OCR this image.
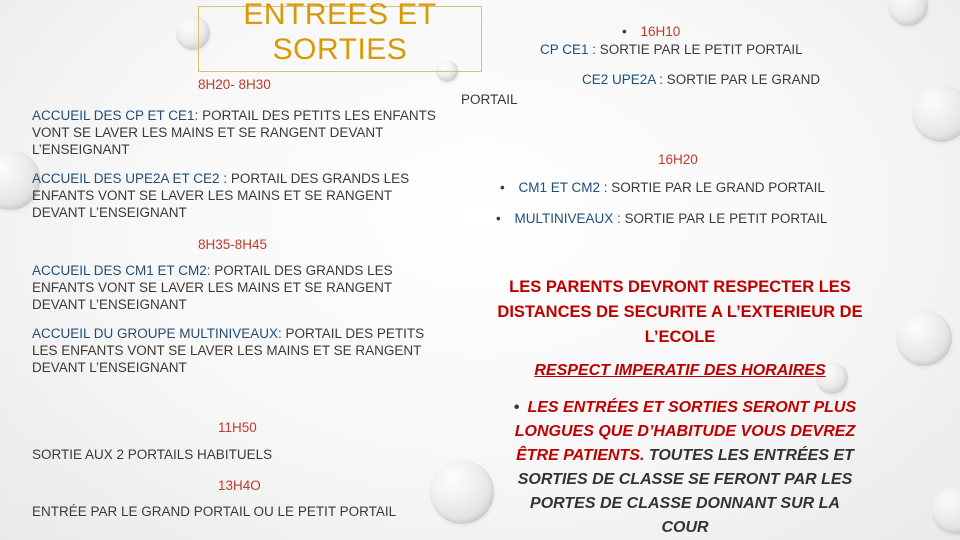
ENTREES ET SORTIES
8H20- 8H30
ACCUEIL DES CP ET CE1: PORTAIL DES PETITS LES ENFANTS VONT SE LAVER LES MAINS ET SE RANGENT DEVANT L’ENSEIGNANT
ACCUEIL DES UPE2A ET CE2 : PORTAIL DES GRANDS LES ENFANTS VONT SE LAVER LES MAINS ET SE RANGENT DEVANT L’ENSEIGNANT
8H35-8H45
ACCUEIL DES CM1 ET CM2: PORTAIL DES GRANDS LES ENFANTS VONT SE LAVER LES MAINS ET SE RANGENT DEVANT L’ENSEIGNANT
ACCUEIL DU GROUPE MULTINIVEAUX: PORTAIL DES PETITS LES ENFANTS VONT SE LAVER LES MAINS ET SE RANGENT DEVANT L’ENSEIGNANT
11H50
SORTIE AUX 2 PORTAILS HABITUELS
13H4O
ENTRÉE PAR LE GRAND PORTAIL OU LE PETIT PORTAIL
• 16H10
CP CE1 : SORTIE PAR LE PETIT PORTAIL
CE2 UPE2A : SORTIE PAR LE GRAND
PORTAIL
16H20
• CM1 ET CM2 : SORTIE PAR LE GRAND PORTAIL
• MULTINIVEAUX : SORTIE PAR LE PETIT PORTAIL
LES PARENTS DEVRONT RESPECTER LES
DISTANCES DE SECURITE A L’EXTERIEUR DE
L’ECOLE
RESPECT IMPERATIF DES HORAIRES
• LES ENTRÉES ET SORTIES SERONT PLUS
LONGUES QUE D’HABITUDE VOUS DEVREZ
ÊTRE PATIENTS. TOUTES LES ENTRÉES ET
SORTIES DE CLASSE SE FERONT PAR LES
PORTES DE CLASSE DONNANT SUR LA
COUR
